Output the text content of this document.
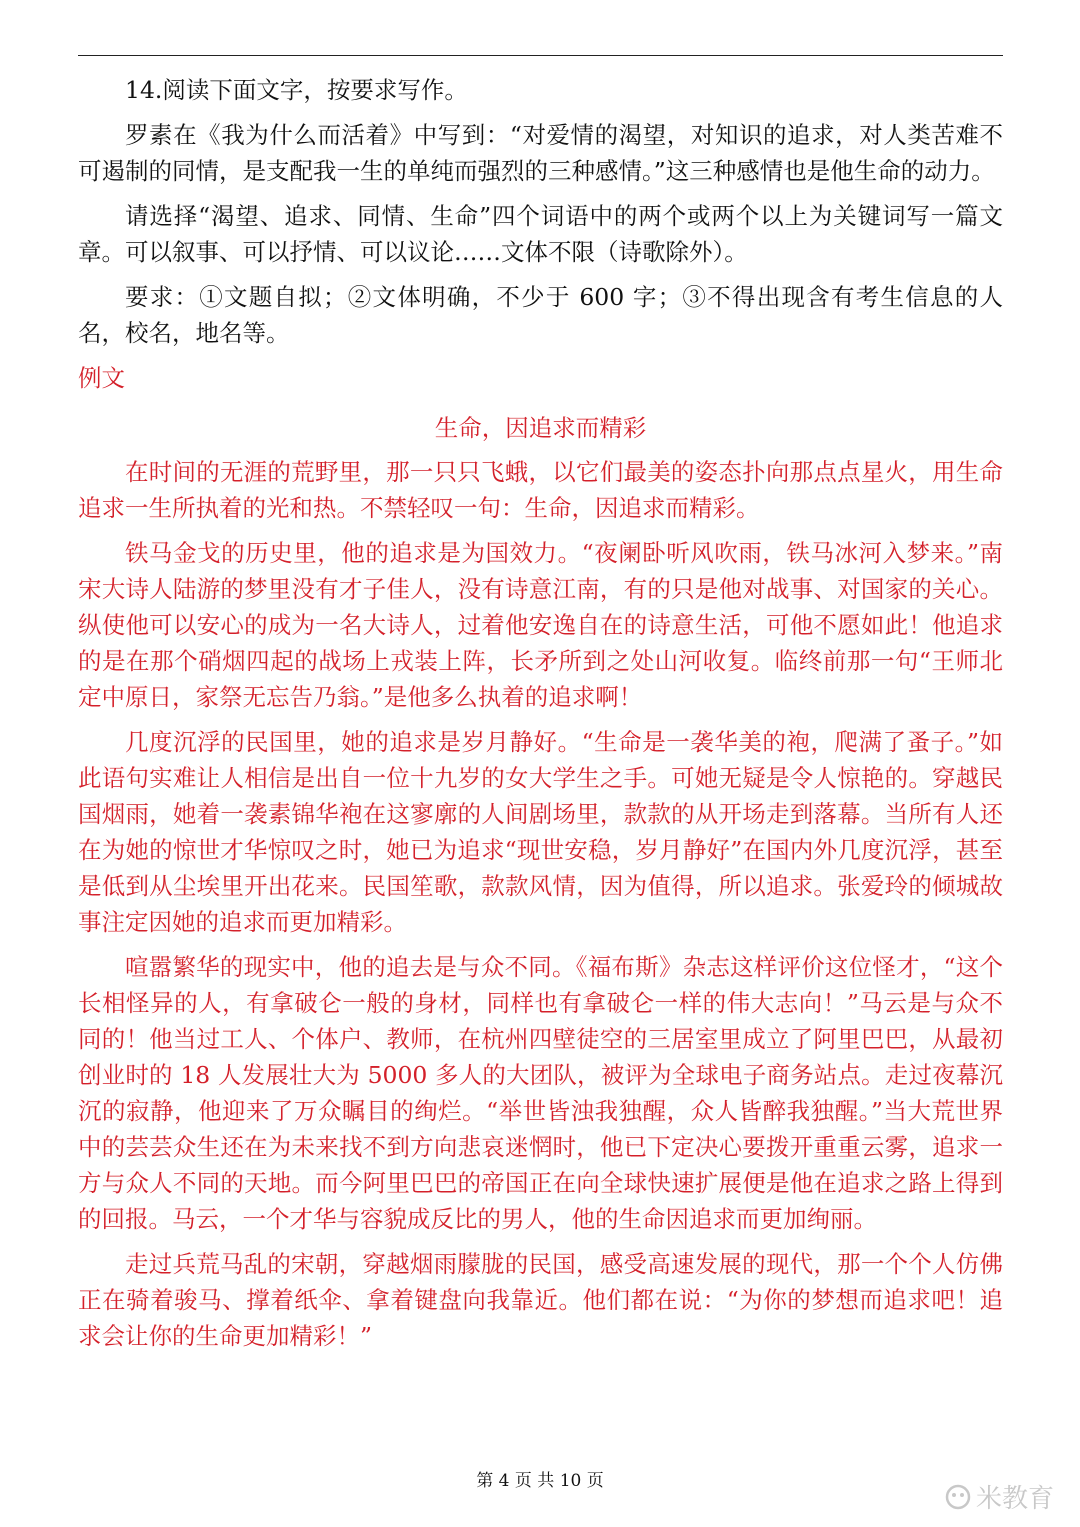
14.阅读下面文字，按要求写作。

罗素在《我为什么而活着》中写到：“对爱情的渴望，对知识的追求，对人类苦难不可遏制的同情，是支配我一生的单纯而强烈的三种感情。”这三种感情也是他生命的动力。

请选择“渴望、追求、同情、生命”四个词语中的两个或两个以上为关键词写一篇文章。可以叙事、可以抒情、可以议论……文体不限（诗歌除外）。

要求：①文题自拟；②文体明确，不少于 600 字；③不得出现含有考生信息的人名，校名，地名等。

例文

生命，因追求而精彩

在时间的无涯的荒野里，那一只只飞蛾，以它们最美的姿态扑向那点点星火，用生命追求一生所执着的光和热。不禁轻叹一句：生命，因追求而精彩。

铁马金戈的历史里，他的追求是为国效力。“夜阑卧听风吹雨，铁马冰河入梦来。”南宋大诗人陆游的梦里没有才子佳人，没有诗意江南，有的只是他对战事、对国家的关心。纵使他可以安心的成为一名大诗人，过着他安逸自在的诗意生活，可他不愿如此！他追求的是在那个硝烟四起的战场上戎装上阵，长矛所到之处山河收复。临终前那一句“王师北定中原日，家祭无忘告乃翁。”是他多么执着的追求啊！

几度沉浮的民国里，她的追求是岁月静好。“生命是一袭华美的袍，爬满了蚤子。”如此语句实难让人相信是出自一位十九岁的女大学生之手。可她无疑是令人惊艳的。穿越民国烟雨，她着一袭素锦华袍在这寥廓的人间剧场里，款款的从开场走到落幕。当所有人还在为她的惊世才华惊叹之时，她已为追求“现世安稳，岁月静好”在国内外几度沉浮，甚至是低到从尘埃里开出花来。民国笙歌，款款风情，因为值得，所以追求。张爱玲的倾城故事注定因她的追求而更加精彩。

喧嚣繁华的现实中，他的追去是与众不同。《福布斯》杂志这样评价这位怪才，“这个长相怪异的人，有拿破仑一般的身材，同样也有拿破仑一样的伟大志向！”马云是与众不同的！他当过工人、个体户、教师，在杭州四壁徒空的三居室里成立了阿里巴巴，从最初创业时的 18 人发展壮大为 5000 多人的大团队，被评为全球电子商务站点。走过夜幕沉沉的寂静，他迎来了万众瞩目的绚烂。“举世皆浊我独醒，众人皆醉我独醒。”当大荒世界中的芸芸众生还在为未来找不到方向悲哀迷惘时，他已下定决心要拨开重重云雾，追求一方与众人不同的天地。而今阿里巴巴的帝国正在向全球快速扩展便是他在追求之路上得到的回报。马云，一个才华与容貌成反比的男人，他的生命因追求而更加绚丽。

走过兵荒马乱的宋朝，穿越烟雨朦胧的民国，感受高速发展的现代，那一个个人仿佛正在骑着骏马、撑着纸伞、拿着键盘向我靠近。他们都在说：“为你的梦想而追求吧！追求会让你的生命更加精彩！”

第 4 页 共 10 页
米教育
